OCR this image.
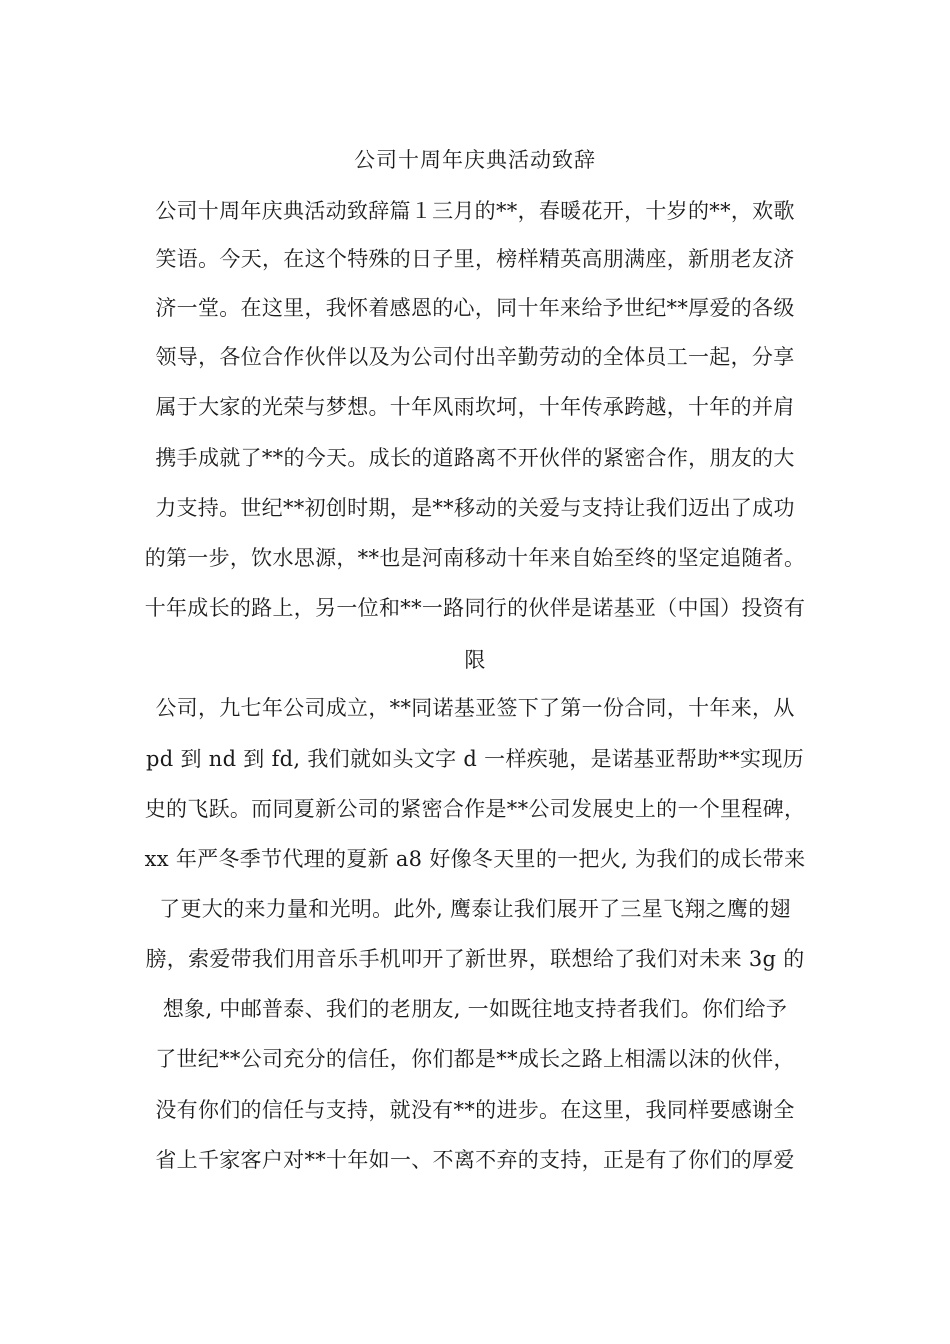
公司十周年庆典活动致辞
公司十周年庆典活动致辞篇１三月的**，春暖花开，十岁的**，欢歌
笑语。今天，在这个特殊的日子里，榜样精英高朋满座，新朋老友济
济一堂。在这里，我怀着感恩的心，同十年来给予世纪**厚爱的各级
领导，各位合作伙伴以及为公司付出辛勤劳动的全体员工一起，分享
属于大家的光荣与梦想。十年风雨坎坷，十年传承跨越，十年的并肩
携手成就了**的今天。成长的道路离不开伙伴的紧密合作，朋友的大
力支持。世纪**初创时期，是**移动的关爱与支持让我们迈出了成功
的第一步，饮水思源，**也是河南移动十年来自始至终的坚定追随者。
十年成长的路上，另一位和**一路同行的伙伴是诺基亚（中国）投资有
限
公司，九七年公司成立，**同诺基亚签下了第一份合同，十年来，从
pd 到 nd 到 fd, 我们就如头文字 d 一样疾驰，是诺基亚帮助**实现历
史的飞跃。而同夏新公司的紧密合作是**公司发展史上的一个里程碑，
xx 年严冬季节代理的夏新 a8 好像冬天里的一把火, 为我们的成长带来
了更大的来力量和光明。此外, 鹰泰让我们展开了三星飞翔之鹰的翅
膀，索爱带我们用音乐手机叩开了新世界，联想给了我们对未来 3g 的
想象, 中邮普泰、我们的老朋友, 一如既往地支持者我们。你们给予
了世纪**公司充分的信任，你们都是**成长之路上相濡以沫的伙伴，
没有你们的信任与支持，就没有**的进步。在这里，我同样要感谢全
省上千家客户对**十年如一、不离不弃的支持，正是有了你们的厚爱
